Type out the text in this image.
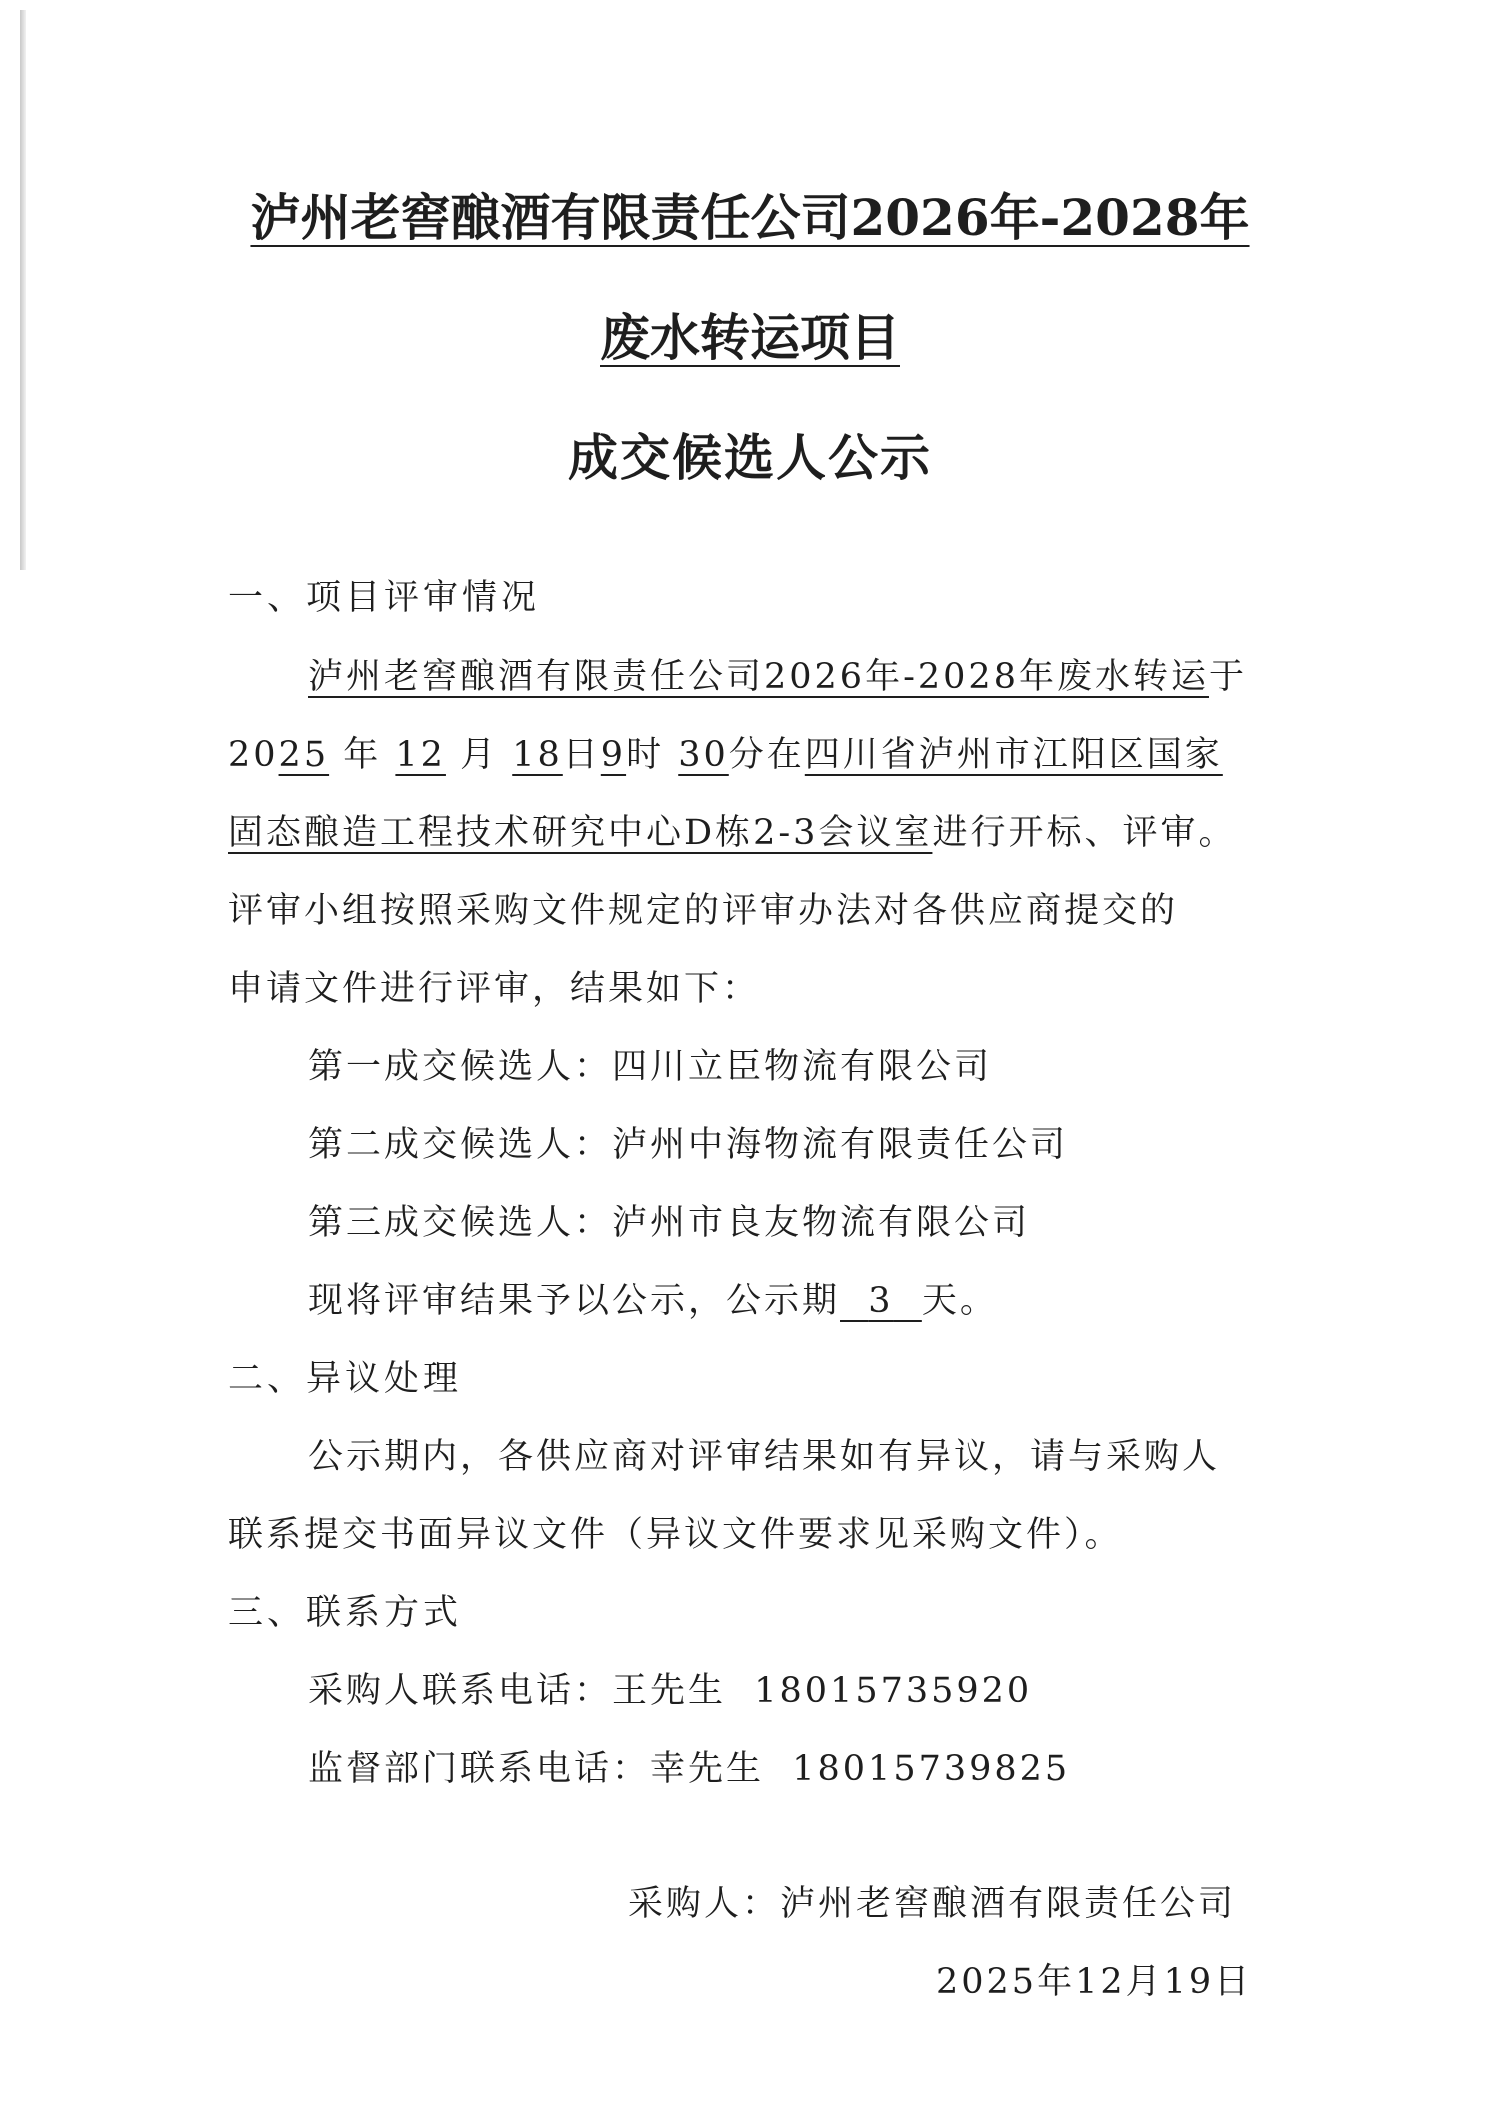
泸州老窖酿酒有限责任公司2026年-2028年
废水转运项目
成交候选人公示
一、项目评审情况
泸州老窖酿酒有限责任公司2026年-2028年废水转运于
2025 年 12 月 18日9时 30分在四川省泸州市江阳区国家
固态酿造工程技术研究中心D栋2-3会议室进行开标、评审。
评审小组按照采购文件规定的评审办法对各供应商提交的
申请文件进行评审，结果如下：
第一成交候选人：四川立臣物流有限公司
第二成交候选人：泸州中海物流有限责任公司
第三成交候选人：泸州市良友物流有限公司
现将评审结果予以公示，公示期 3 天。
二、异议处理
公示期内，各供应商对评审结果如有异议，请与采购人
联系提交书面异议文件（异议文件要求见采购文件）。
三、联系方式
采购人联系电话：王先生  18015735920
监督部门联系电话：幸先生  18015739825
采购人：泸州老窖酿酒有限责任公司
2025年12月19日
